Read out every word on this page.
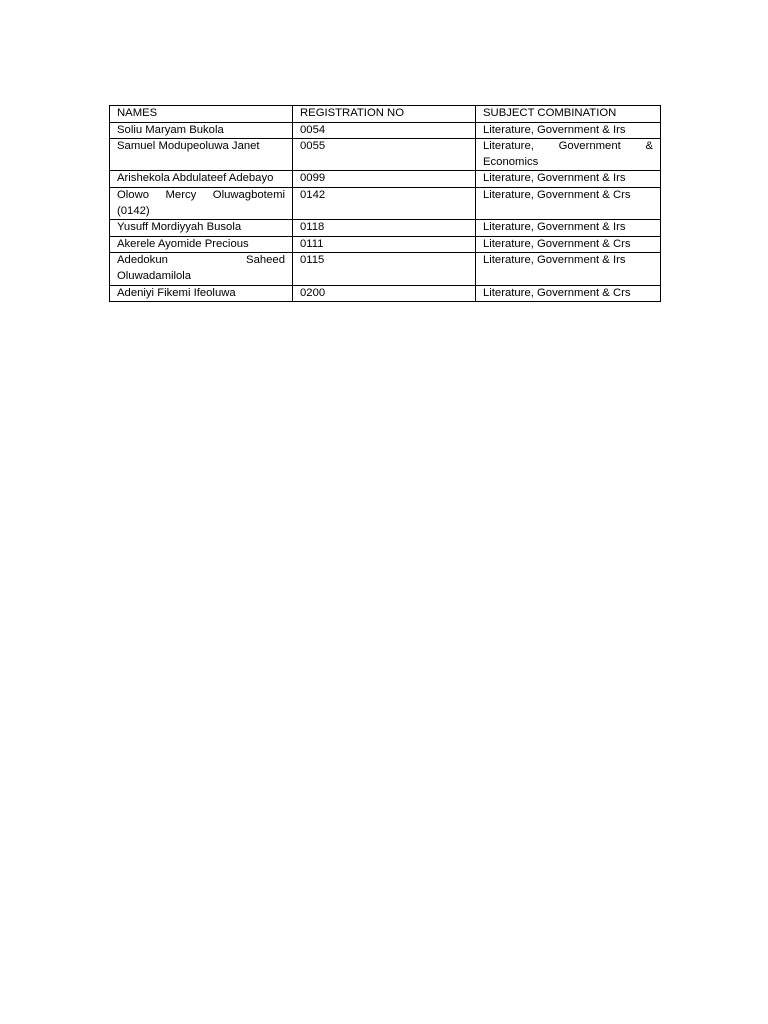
NAMES	REGISTRATION NO	SUBJECT COMBINATION

Soliu Maryam Bukola	0054	Literature, Government & Irs

Samuel Modupeoluwa Janet	0055	Literature, Government & Economics

Arishekola Abdulateef Adebayo	0099	Literature, Government & Irs

Olowo Mercy Oluwagbotemi (0142)	0142	Literature, Government & Crs

Yusuff Mordiyyah Busola	0118	Literature, Government & Irs

Akerele Ayomide Precious	0111	Literature, Government & Crs

Adedokun Saheed Oluwadamilola	0115	Literature, Government & Irs

Adeniyi Fikemi Ifeoluwa	0200	Literature, Government & Crs
